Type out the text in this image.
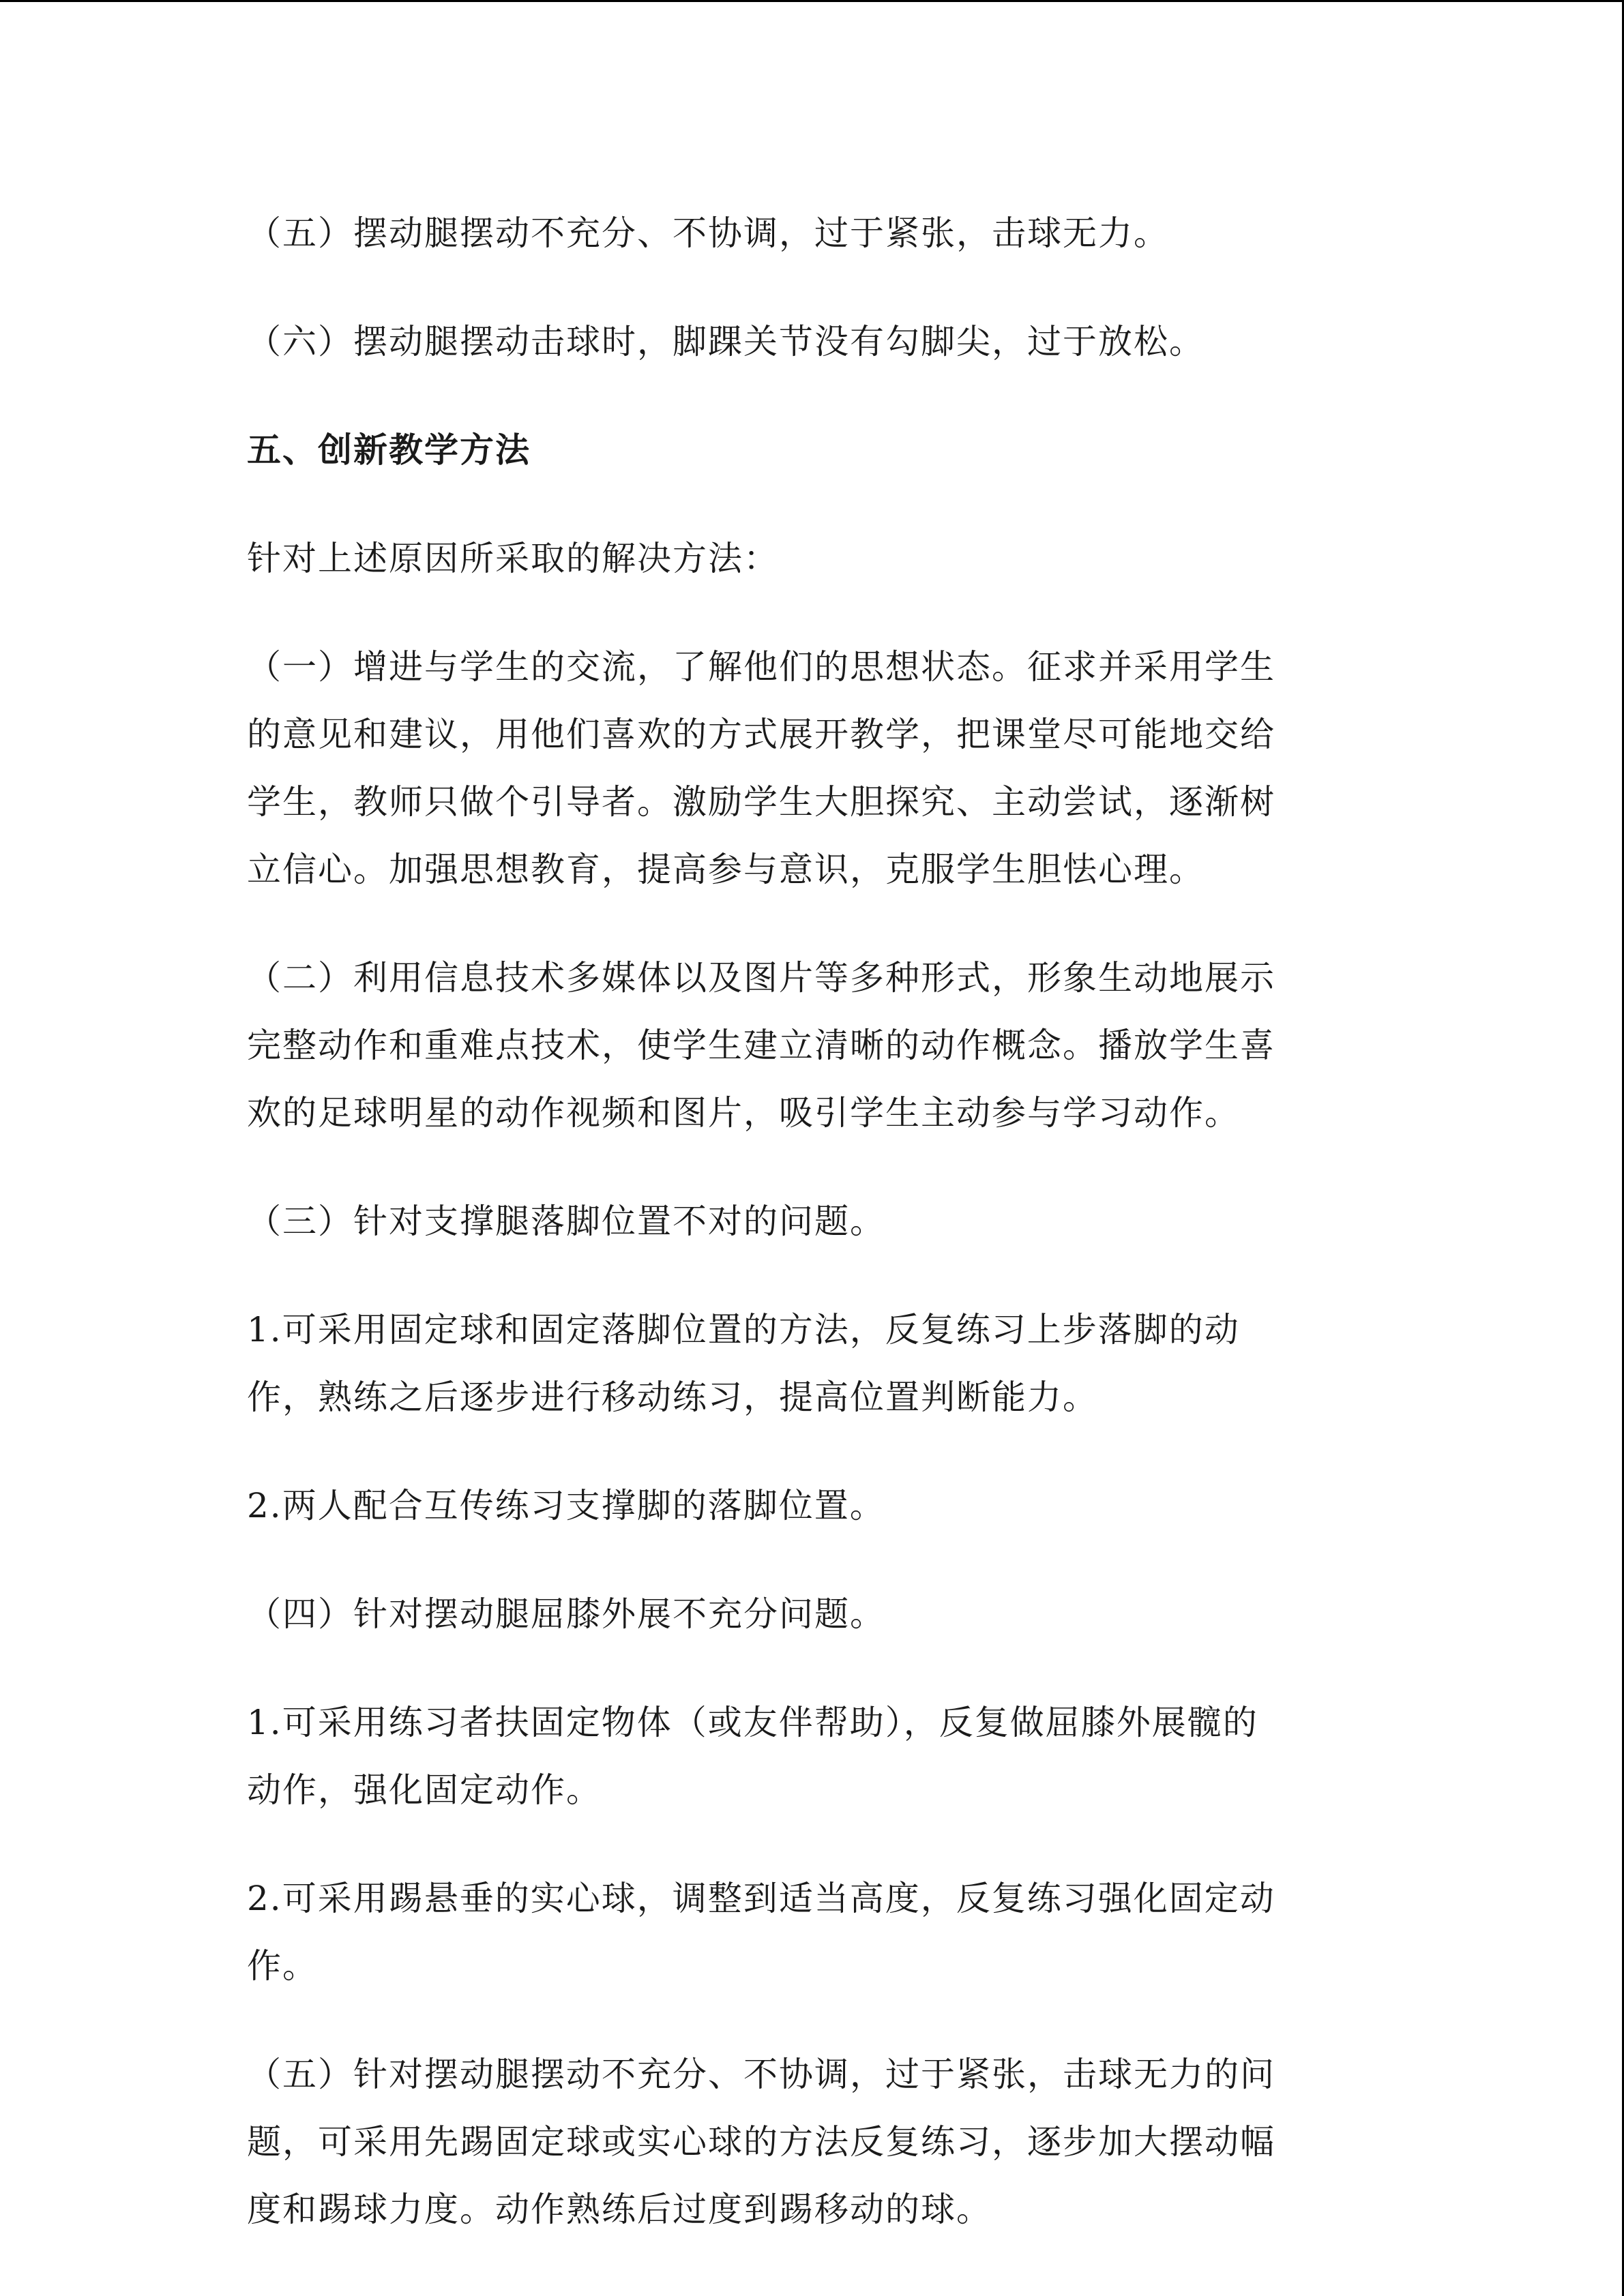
（五）摆动腿摆动不充分、不协调，过于紧张，击球无力。

（六）摆动腿摆动击球时，脚踝关节没有勾脚尖，过于放松。

五、创新教学方法

针对上述原因所采取的解决方法：

（一）增进与学生的交流，了解他们的思想状态。征求并采用学生
的意见和建议，用他们喜欢的方式展开教学，把课堂尽可能地交给
学生，教师只做个引导者。激励学生大胆探究、主动尝试，逐渐树
立信心。加强思想教育，提高参与意识，克服学生胆怯心理。

（二）利用信息技术多媒体以及图片等多种形式，形象生动地展示
完整动作和重难点技术，使学生建立清晰的动作概念。播放学生喜
欢的足球明星的动作视频和图片，吸引学生主动参与学习动作。

（三）针对支撑腿落脚位置不对的问题。

1.可采用固定球和固定落脚位置的方法，反复练习上步落脚的动
作，熟练之后逐步进行移动练习，提高位置判断能力。

2.两人配合互传练习支撑脚的落脚位置。

（四）针对摆动腿屈膝外展不充分问题。

1.可采用练习者扶固定物体（或友伴帮助），反复做屈膝外展髋的
动作，强化固定动作。

2.可采用踢悬垂的实心球，调整到适当高度，反复练习强化固定动
作。

（五）针对摆动腿摆动不充分、不协调，过于紧张，击球无力的问
题，可采用先踢固定球或实心球的方法反复练习，逐步加大摆动幅
度和踢球力度。动作熟练后过度到踢移动的球。
